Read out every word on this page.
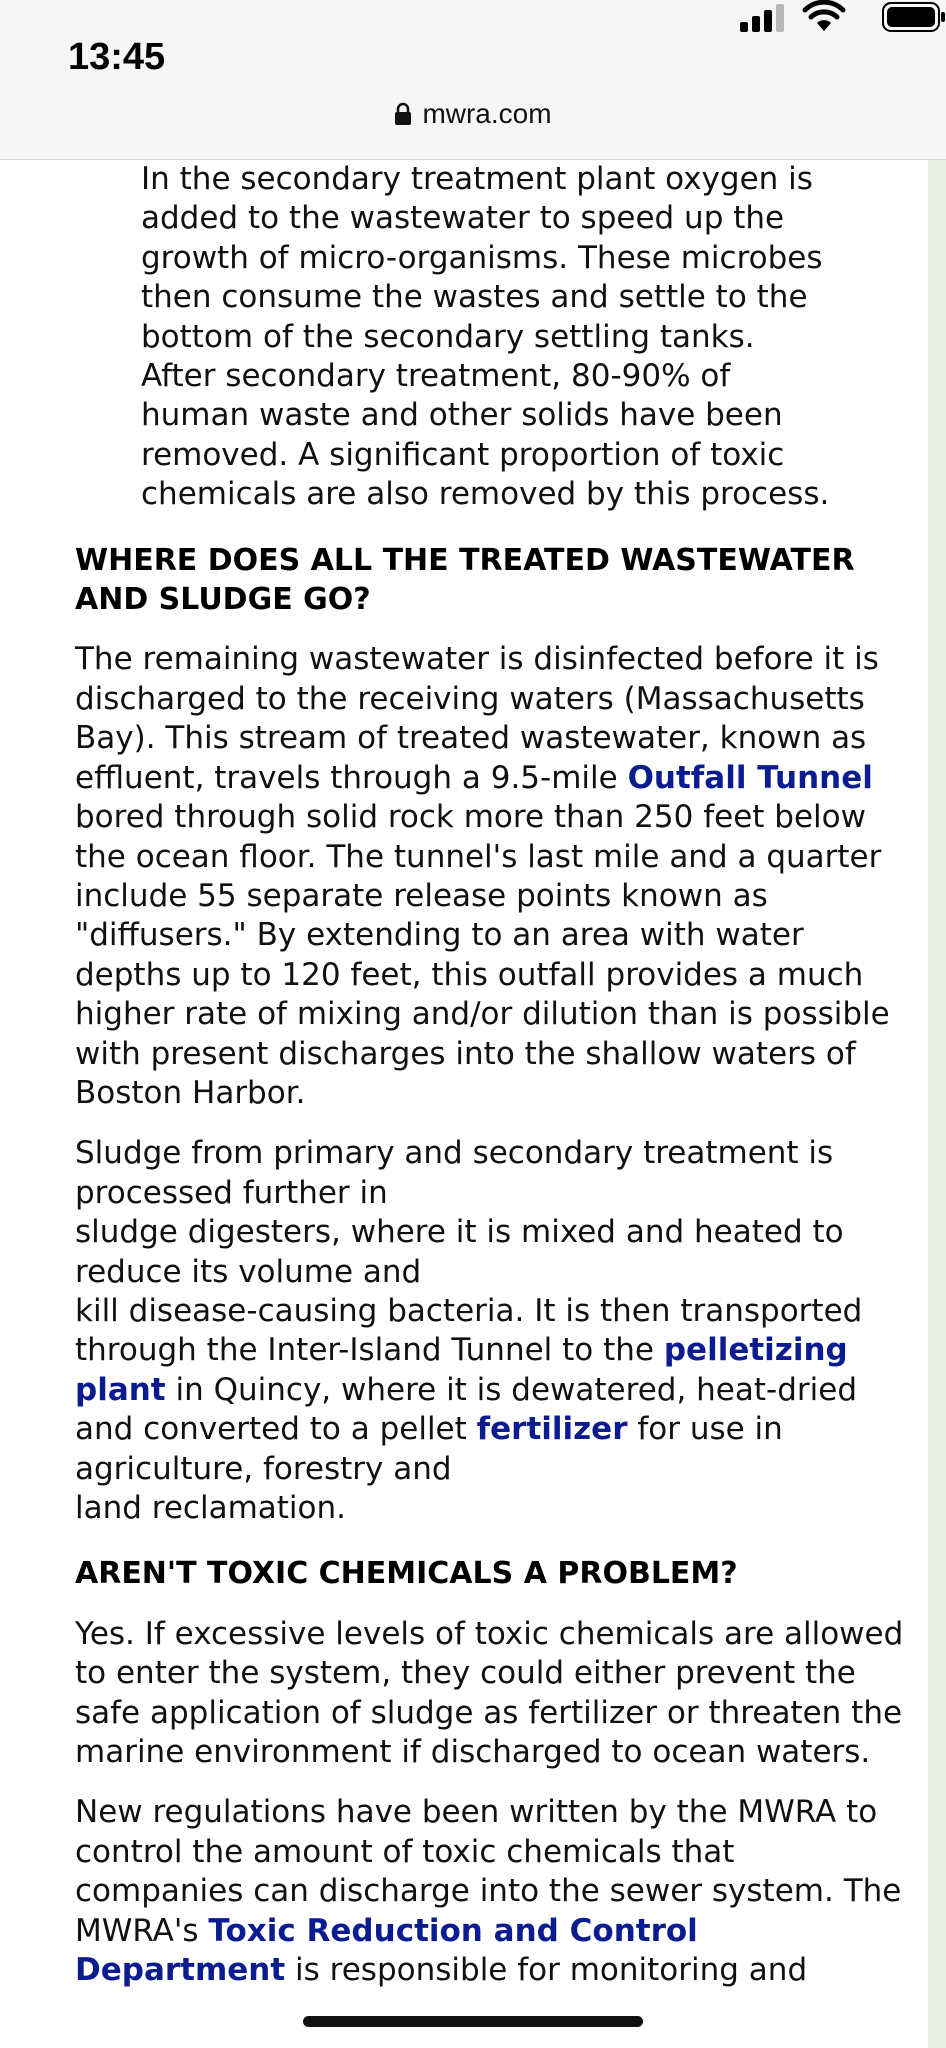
13:45
mwra.com
In the secondary treatment plant oxygen is
added to the wastewater to speed up the
growth of micro-organisms. These microbes
then consume the wastes and settle to the
bottom of the secondary settling tanks.
After secondary treatment, 80-90% of
human waste and other solids have been
removed. A significant proportion of toxic
chemicals are also removed by this process.
WHERE DOES ALL THE TREATED WASTEWATER AND SLUDGE GO?

The remaining wastewater is disinfected before it is discharged to the receiving waters (Massachusetts Bay). This stream of treated wastewater, known as effluent, travels through a 9.5-mile Outfall Tunnel bored through solid rock more than 250 feet below the ocean floor. The tunnel's last mile and a quarter include 55 separate release points known as "diffusers." By extending to an area with water depths up to 120 feet, this outfall provides a much higher rate of mixing and/or dilution than is possible with present discharges into the shallow waters of Boston Harbor.

Sludge from primary and secondary treatment is processed further in
sludge digesters, where it is mixed and heated to reduce its volume and
kill disease-causing bacteria. It is then transported through the Inter-Island Tunnel to the pelletizing plant in Quincy, where it is dewatered, heat-dried and converted to a pellet fertilizer for use in agriculture, forestry and
land reclamation.

AREN'T TOXIC CHEMICALS A PROBLEM?

Yes. If excessive levels of toxic chemicals are allowed to enter the system, they could either prevent the safe application of sludge as fertilizer or threaten the marine environment if discharged to ocean waters.

New regulations have been written by the MWRA to control the amount of toxic chemicals that companies can discharge into the sewer system. The MWRA's Toxic Reduction and Control Department is responsible for monitoring and
